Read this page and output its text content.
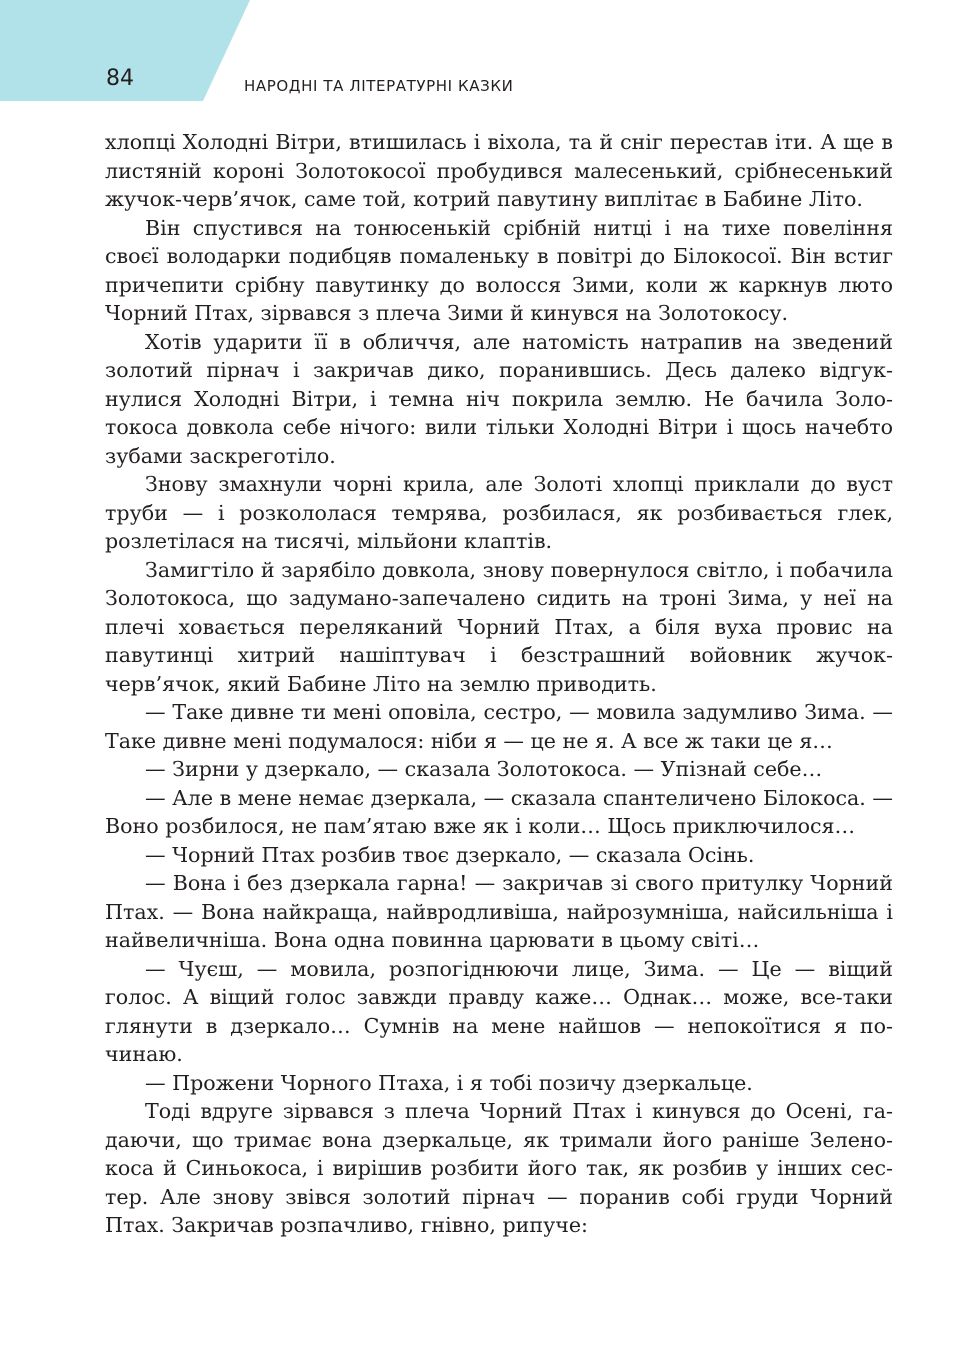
84	НАРОДНІ ТА ЛІТЕРАТУРНІ КАЗКИ

хлопці Холодні Вітри, втишилась і віхола, та й сніг перестав іти. А ще в листяній короні Золотокосої пробудився малесенький, срібнесенький жучок-черв’ячок, саме той, котрий павутину виплітає в Бабине Літо.

Він спустився на тонюсенькій срібній нитці і на тихе повеління своєї володарки подибцяв помаленьку в повітрі до Білокосої. Він встиг причепити срібну павутинку до волосся Зими, коли ж каркнув люто Чорний Птах, зірвався з плеча Зими й кинувся на Золотокосу.

Хотів ударити її в обличчя, але натомість натрапив на зведений золотий пірнач і закричав дико, поранившись. Десь далеко відгукнулися Холодні Вітри, і темна ніч покрила землю. Не бачила Золотокоса довкола себе нічого: вили тільки Холодні Вітри і щось начебто зубами заскреготіло.

Знову змахнули чорні крила, але Золоті хлопці приклали до вуст труби — і розкололася темрява, розбилася, як розбивається глек, розлетілася на тисячі, мільйони клаптів.

Замигтіло й зарябіло довкола, знову повернулося світло, і побачила Золотокоса, що задумано-запечалено сидить на троні Зима, у неї на плечі ховається переляканий Чорний Птах, а біля вуха провис на павутинці хитрий нашіптувач і безстрашний войовник жучок-черв’ячок, який Бабине Літо на землю приводить.

— Таке дивне ти мені оповіла, сестро, — мовила задумливо Зима. — Таке дивне мені подумалося: ніби я — це не я. А все ж таки це я…

— Зирни у дзеркало, — сказала Золотокоса. — Упізнай себе…

— Але в мене немає дзеркала, — сказала спантеличено Білокоса. — Воно розбилося, не пам’ятаю вже як і коли… Щось приключилося…

— Чорний Птах розбив твоє дзеркало, — сказала Осінь.

— Вона і без дзеркала гарна! — закричав зі свого притулку Чорний Птах. — Вона найкраща, найвродливіша, найрозумніша, найсильніша і найвеличніша. Вона одна повинна царювати в цьому світі…

— Чуєш, — мовила, розпогіднюючи лице, Зима. — Це — віщий голос. А віщий голос завжди правду каже… Однак… може, все-таки глянути в дзеркало… Сумнів на мене найшов — непокоїтися я починаю.

— Прожени Чорного Птаха, і я тобі позичу дзеркальце.

Тоді вдруге зірвався з плеча Чорний Птах і кинувся до Осені, гадаючи, що тримає вона дзеркальце, як тримали його раніше Зеленокоса й Синьокоса, і вирішив розбити його так, як розбив у інших сестер. Але знову звівся золотий пірнач — поранив собі груди Чорний Птах. Закричав розпачливо, гнівно, рипуче:
